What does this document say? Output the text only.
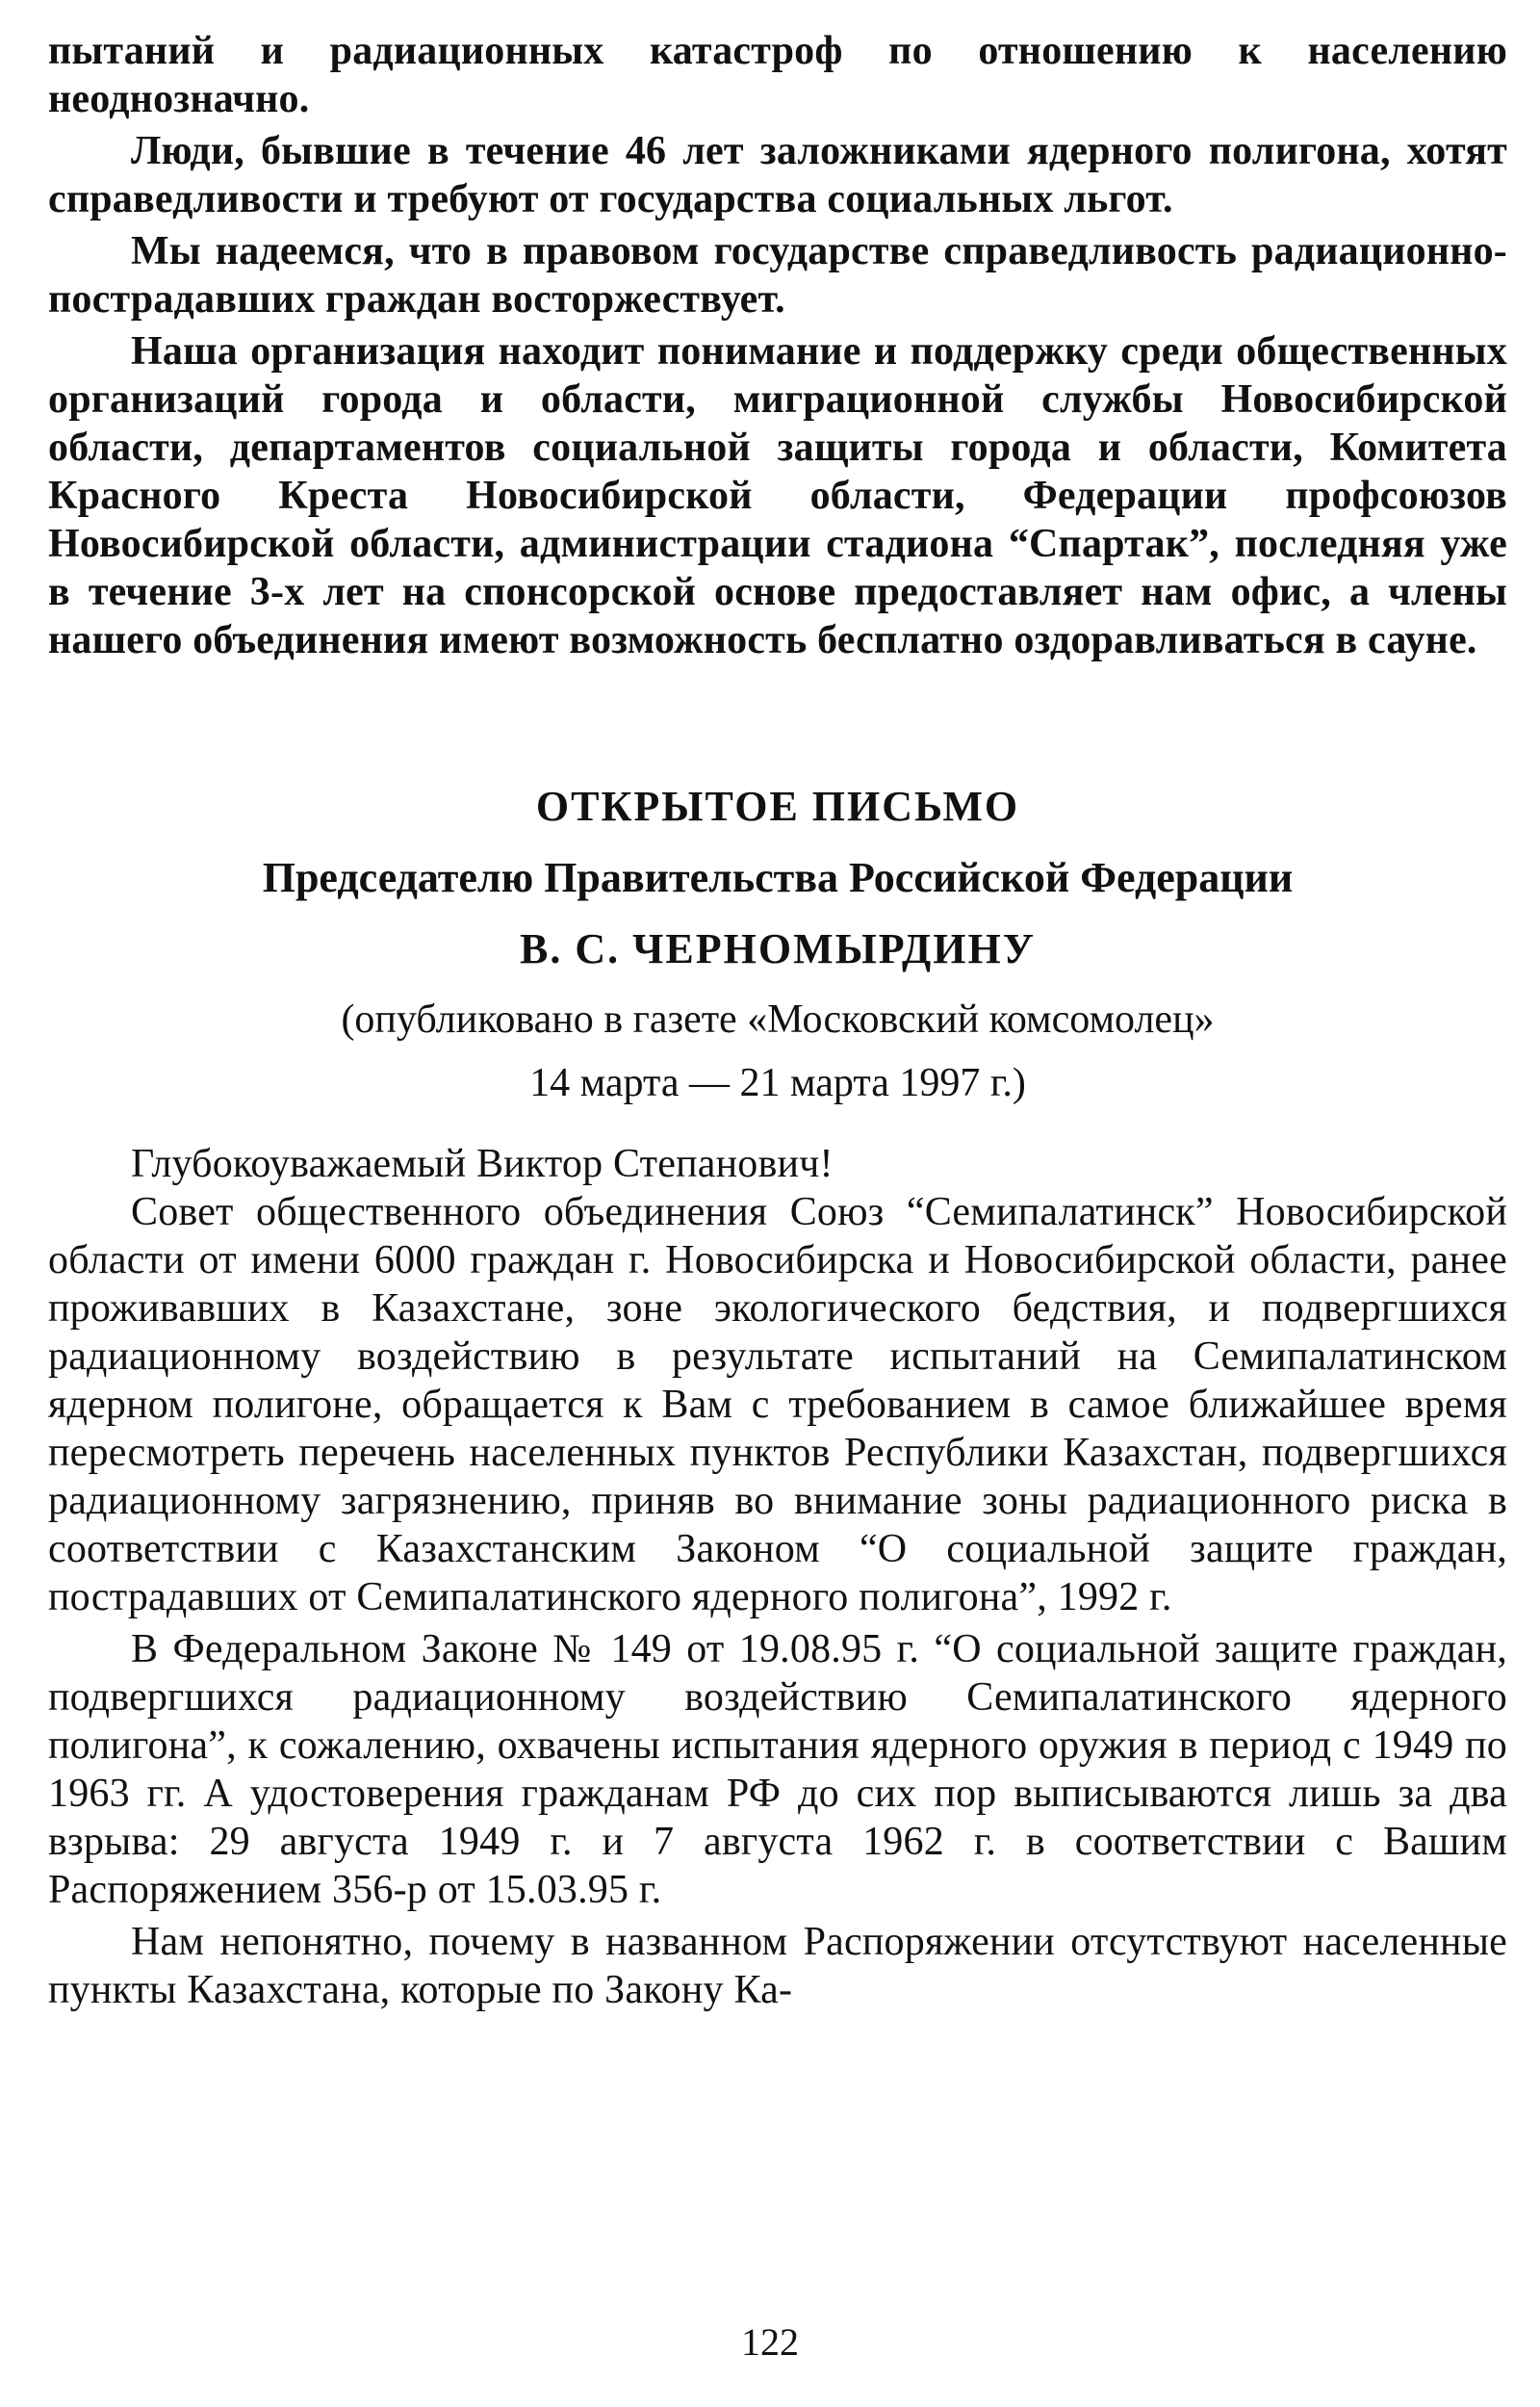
пытаний и радиационных катастроф по отношению к населению неоднозначно.

Люди, бывшие в течение 46 лет заложниками ядерного полигона, хотят справедливости и требуют от государства социальных льгот.

Мы надеемся, что в правовом государстве справедливость радиационно-пострадавших граждан восторжествует.

Наша организация находит понимание и поддержку среди общественных организаций города и области, миграционной службы Новосибирской области, департаментов социальной защиты города и области, Комитета Красного Креста Новосибирской области, Федерации профсоюзов Новосибирской области, администрации стадиона “Спартак”, последняя уже в течение 3-х лет на спонсорской основе предоставляет нам офис, а члены нашего объединения имеют возможность бесплатно оздоравливаться в сауне.

ОТКРЫТОЕ ПИСЬМО
Председателю Правительства Российской Федерации
В. С. ЧЕРНОМЫРДИНУ
(опубликовано в газете «Московский комсомолец»
14 марта — 21 марта 1997 г.)

Глубокоуважаемый Виктор Степанович!

Совет общественного объединения Союз “Семипалатинск” Новосибирской области от имени 6000 граждан г. Новосибирска и Новосибирской области, ранее проживавших в Казахстане, зоне экологического бедствия, и подвергшихся радиационному воздействию в результате испытаний на Семипалатинском ядерном полигоне, обращается к Вам с требованием в самое ближайшее время пересмотреть перечень населенных пунктов Республики Казахстан, подвергшихся радиационному загрязнению, приняв во внимание зоны радиационного риска в соответствии с Казахстанским Законом “О социальной защите граждан, пострадавших от Семипалатинского ядерного полигона”, 1992 г.

В Федеральном Законе № 149 от 19.08.95 г. “О социальной защите граждан, подвергшихся радиационному воздействию Семипалатинского ядерного полигона”, к сожалению, охвачены испытания ядерного оружия в период с 1949 по 1963 гг. А удостоверения гражданам РФ до сих пор выписываются лишь за два взрыва: 29 августа 1949 г. и 7 августа 1962 г. в соответствии с Вашим Распоряжением 356-р от 15.03.95 г.

Нам непонятно, почему в названном Распоряжении отсутствуют населенные пункты Казахстана, которые по Закону Ка-

122
